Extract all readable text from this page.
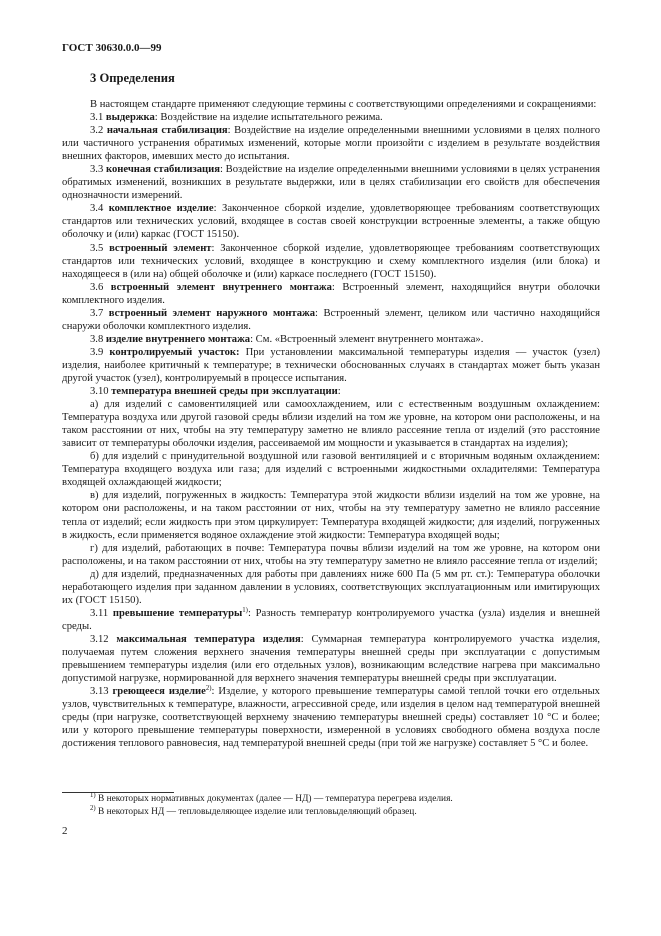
ГОСТ 30630.0.0—99
3 Определения

В настоящем стандарте применяют следующие термины с соответствующими определениями и сокращениями:

3.1 выдержка: Воздействие на изделие испытательного режима.

3.2 начальная стабилизация: Воздействие на изделие определенными внешними условиями в целях полного или частичного устранения обратимых изменений, которые могли произойти с изделием в результате воздействия внешних факторов, имевших место до испытания.

3.3 конечная стабилизация: Воздействие на изделие определенными внешними условиями в целях устранения обратимых изменений, возникших в результате выдержки, или в целях стабилизации его свойств для обеспечения однозначности измерений.

3.4 комплектное изделие: Законченное сборкой изделие, удовлетворяющее требованиям соответствующих стандартов или технических условий, входящее в состав своей конструкции встроенные элементы, а также общую оболочку и (или) каркас (ГОСТ 15150).

3.5 встроенный элемент: Законченное сборкой изделие, удовлетворяющее требованиям соответствующих стандартов или технических условий, входящее в конструкцию и схему комплектного изделия (или блока) и находящееся в (или на) общей оболочке и (или) каркасе последнего (ГОСТ 15150).

3.6 встроенный элемент внутреннего монтажа: Встроенный элемент, находящийся внутри оболочки комплектного изделия.

3.7 встроенный элемент наружного монтажа: Встроенный элемент, целиком или частично находящийся снаружи оболочки комплектного изделия.

3.8 изделие внутреннего монтажа: См. «Встроенный элемент внутреннего монтажа».

3.9 контролируемый участок: При установлении максимальной температуры изделия — участок (узел) изделия, наиболее критичный к температуре; в технически обоснованных случаях в стандартах может быть указан другой участок (узел), контролируемый в процессе испытания.

3.10 температура внешней среды при эксплуатации:

а) для изделий с самовентиляцией или самоохлаждением, или с естественным воздушным охлаждением: Температура воздуха или другой газовой среды вблизи изделий на том же уровне, на котором они расположены, и на таком расстоянии от них, чтобы на эту температуру заметно не влияло рассеяние тепла от изделий (это расстояние зависит от температуры оболочки изделия, рассеиваемой им мощности и указывается в стандартах на изделия);

б) для изделий с принудительной воздушной или газовой вентиляцией и с вторичным водяным охлаждением: Температура входящего воздуха или газа; для изделий с встроенными жидкостными охладителями: Температура входящей охлаждающей жидкости;

в) для изделий, погруженных в жидкость: Температура этой жидкости вблизи изделий на том же уровне, на котором они расположены, и на таком расстоянии от них, чтобы на эту температуру заметно не влияло рассеяние тепла от изделий; если жидкость при этом циркулирует: Температура входящей жидкости; для изделий, погруженных в жидкость, если применяется водяное охлаждение этой жидкости: Температура входящей воды;

г) для изделий, работающих в почве: Температура почвы вблизи изделий на том же уровне, на котором они расположены, и на таком расстоянии от них, чтобы на эту температуру заметно не влияло рассеяние тепла от изделий;

д) для изделий, предназначенных для работы при давлениях ниже 600 Па (5 мм рт. ст.): Температура оболочки неработающего изделия при заданном давлении в условиях, соответствующих эксплуатационным или имитирующих их (ГОСТ 15150).

3.11 превышение температуры$^{1)}$: Разность температур контролируемого участка (узла) изделия и внешней среды.

3.12 максимальная температура изделия: Суммарная температура контролируемого участка изделия, получаемая путем сложения верхнего значения температуры внешней среды при эксплуатации с допустимым превышением температуры изделия (или его отдельных узлов), возникающим вследствие нагрева при максимально допустимой нагрузке, нормированной для верхнего значения температуры внешней среды при эксплуатации.

3.13 греющееся изделие$^{2)}$: Изделие, у которого превышение температуры самой теплой точки его отдельных узлов, чувствительных к температуре, влажности, агрессивной среде, или изделия в целом над температурой внешней среды (при нагрузке, соответствующей верхнему значению температуры внешней среды) составляет 10 °С и более; или у которого превышение температуры поверхности, измеренной в условиях свободного обмена воздуха после достижения теплового равновесия, над температурой внешней среды (при той же нагрузке) составляет 5 °С и более.

$^{1)}$ В некоторых нормативных документах (далее — НД) — температура перегрева изделия.

$^{2)}$ В некоторых НД — тепловыделяющее изделие или тепловыделяющий образец.

2
